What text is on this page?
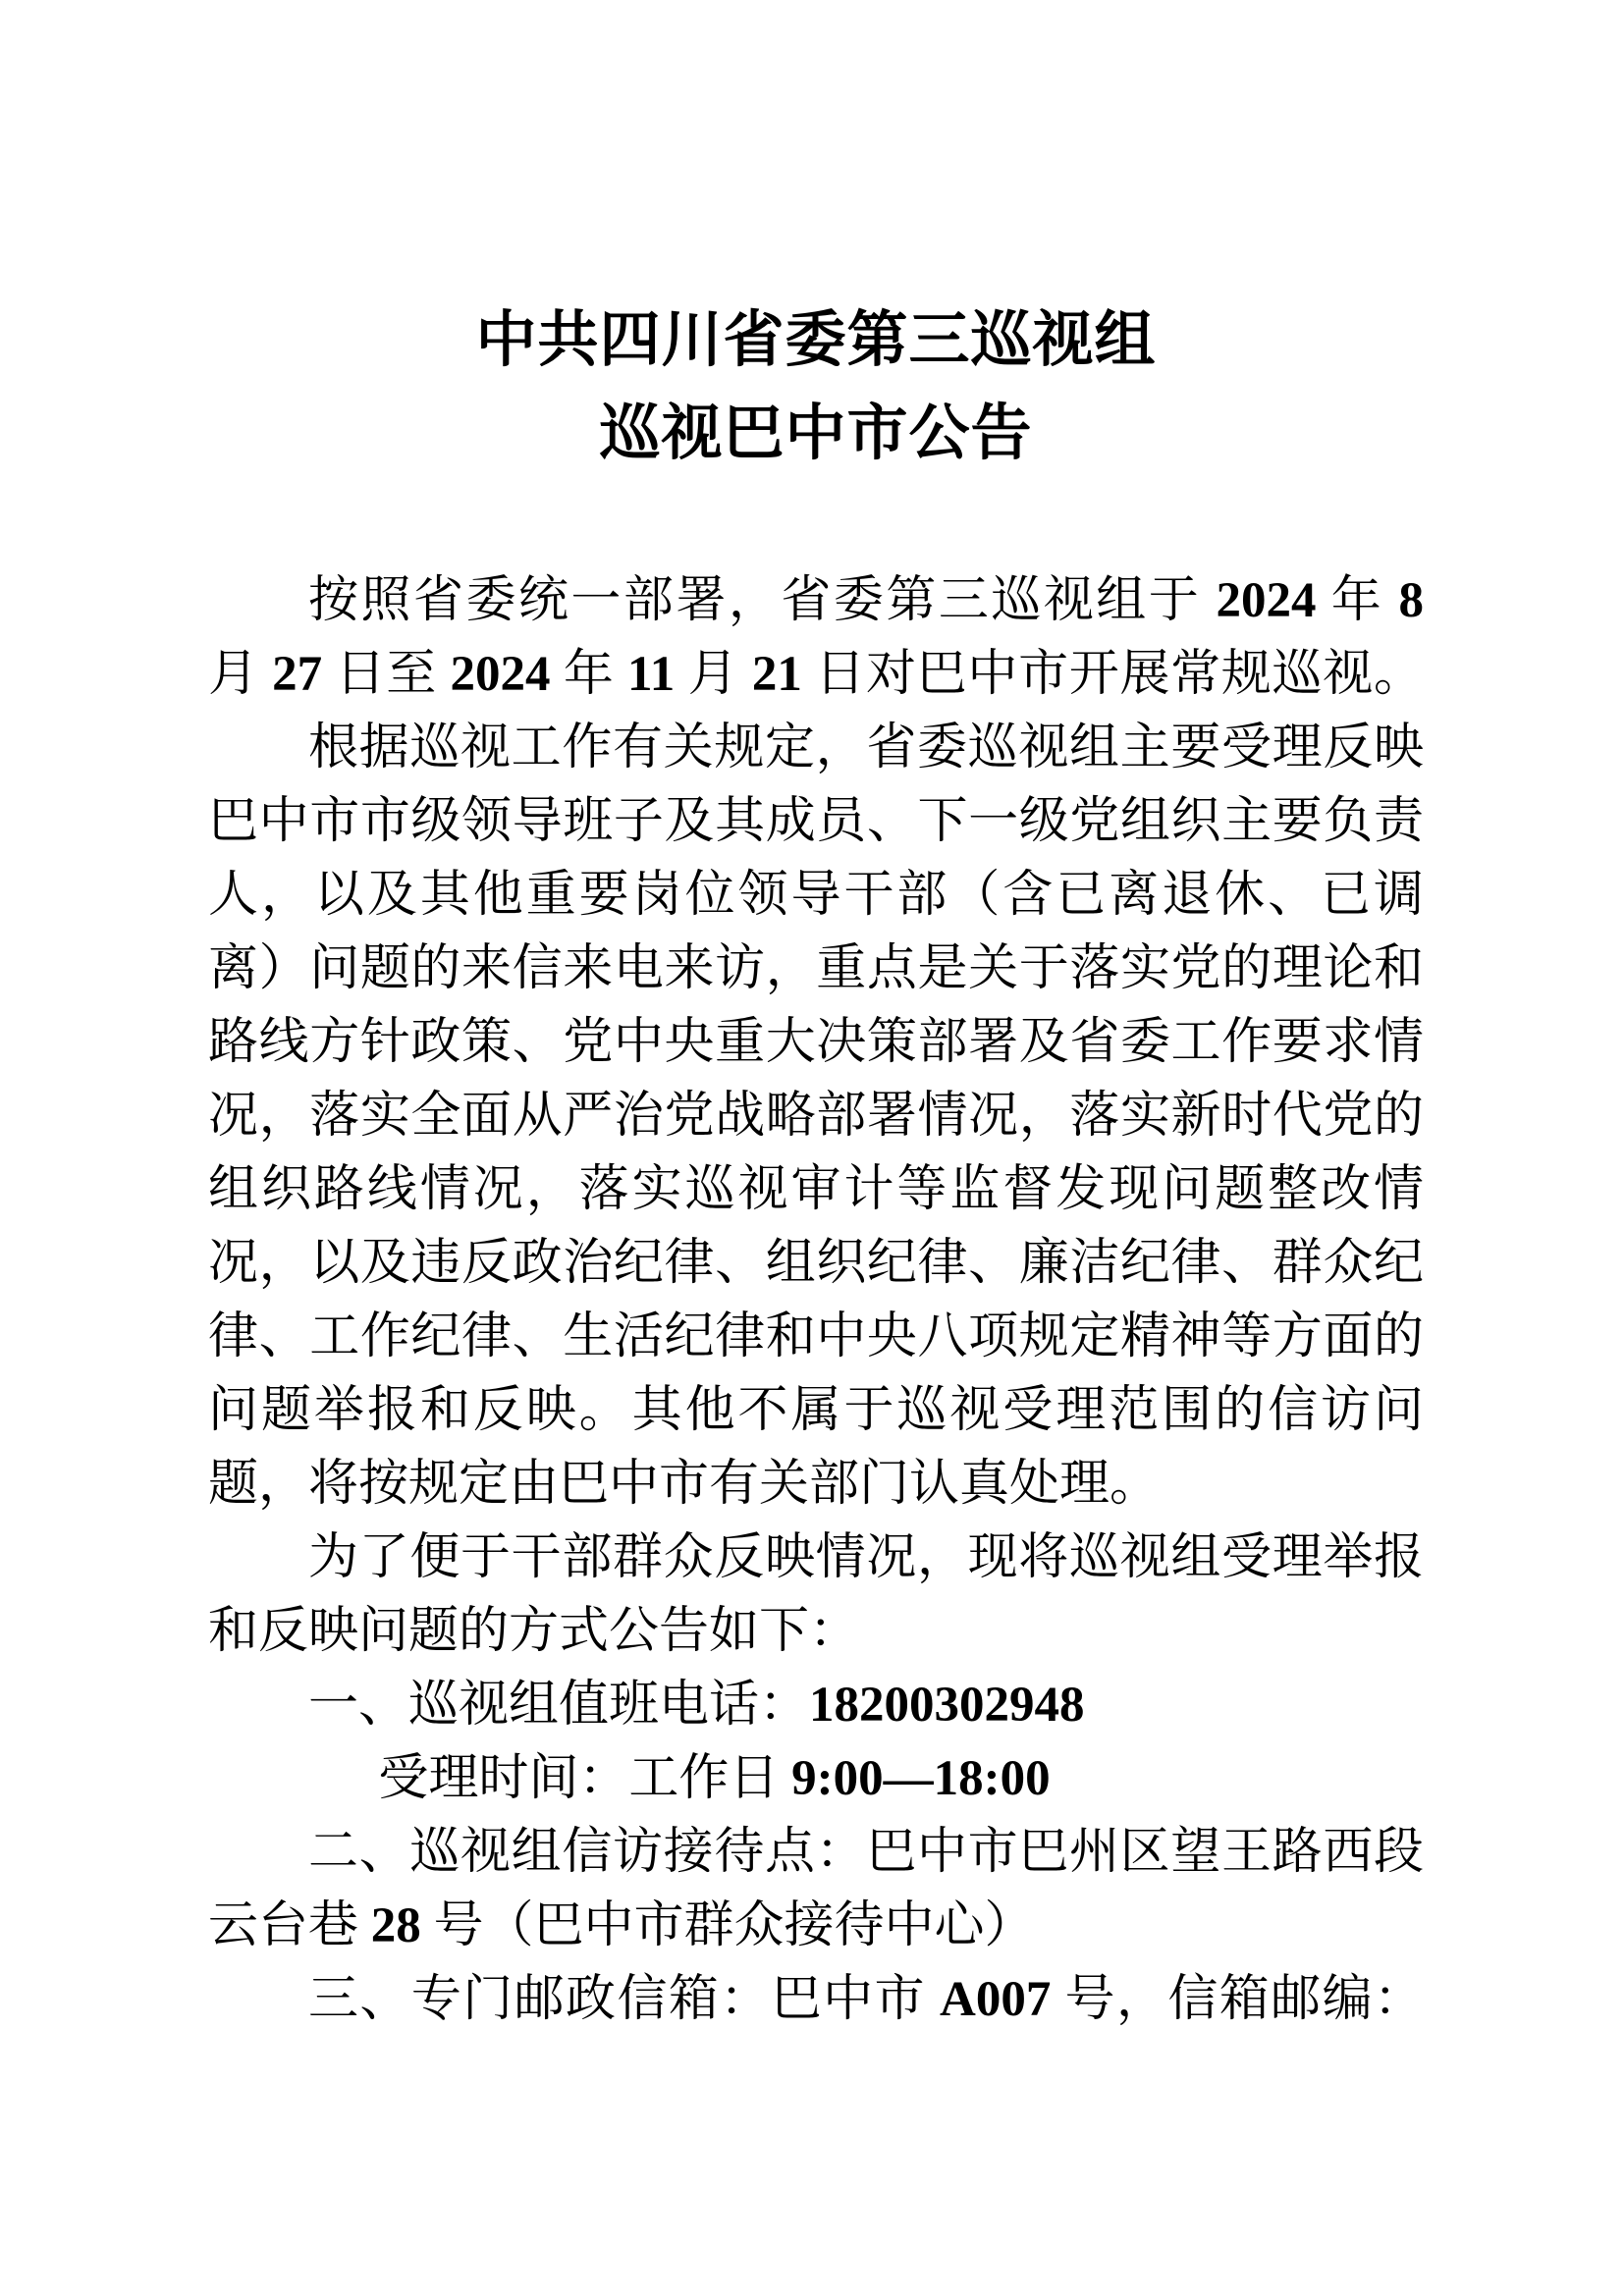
中共四川省委第三巡视组
巡视巴中市公告
按照省委统一部署，省委第三巡视组于 2024 年 8
月 27 日至 2024 年 11 月 21 日对巴中市开展常规巡视。
根据巡视工作有关规定，省委巡视组主要受理反映
巴中市市级领导班子及其成员、下一级党组织主要负责
人，以及其他重要岗位领导干部（含已离退休、已调
离）问题的来信来电来访，重点是关于落实党的理论和
路线方针政策、党中央重大决策部署及省委工作要求情
况，落实全面从严治党战略部署情况，落实新时代党的
组织路线情况，落实巡视审计等监督发现问题整改情
况，以及违反政治纪律、组织纪律、廉洁纪律、群众纪
律、工作纪律、生活纪律和中央八项规定精神等方面的
问题举报和反映。其他不属于巡视受理范围的信访问
题，将按规定由巴中市有关部门认真处理。
为了便于干部群众反映情况，现将巡视组受理举报
和反映问题的方式公告如下：
一、巡视组值班电话：18200302948
受理时间：工作日 9:00—18:00
二、巡视组信访接待点：巴中市巴州区望王路西段
云台巷 28 号（巴中市群众接待中心）
三、专门邮政信箱：巴中市 A007 号，信箱邮编：
